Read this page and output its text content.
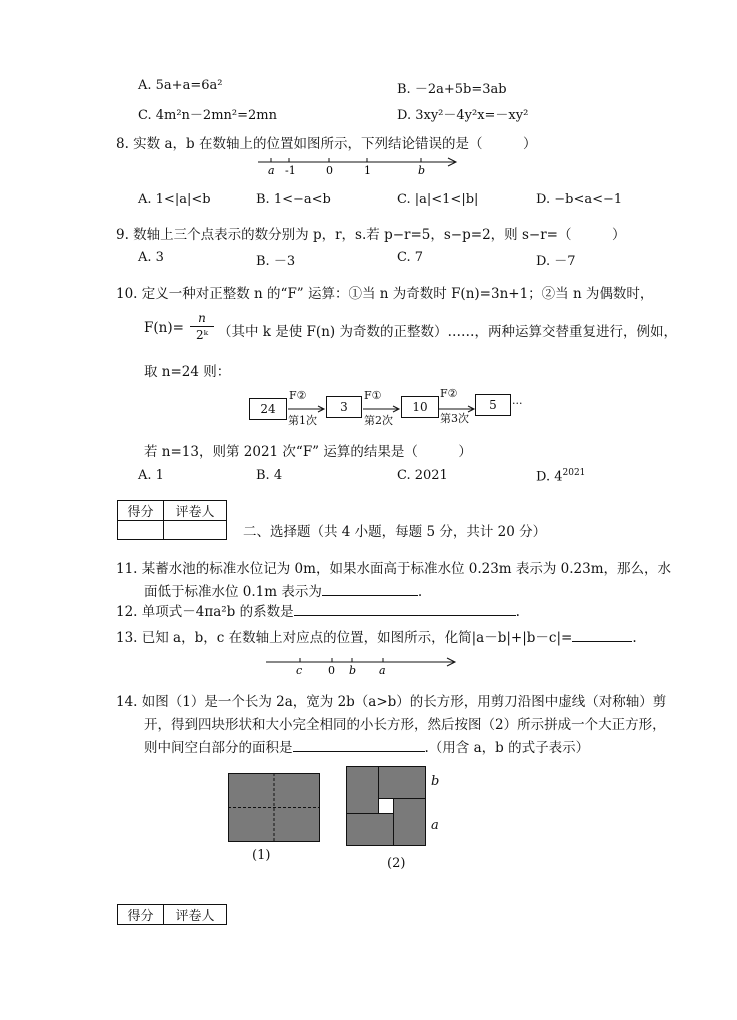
A. 5a+a=6a²	B. －2a+5b=3ab
C. 4m²n－2mn²=2mn	D. 3xy²－4y²x=－xy²
8. 实数 a，b 在数轴上的位置如图所示，下列结论错误的是（　　　）
a -1	0	1	b
A. 1<|a|<b	B. 1<−a<b	C. |a|<1<|b|	D. −b<a<−1
9. 数轴上三个点表示的数分别为 p，r，s.若 p−r=5，s−p=2，则 s−r=（　　　）
A. 3	B. －3	C. 7	D. －7
10. 定义一种对正整数 n 的“F” 运算：①当 n 为奇数时 F(n)=3n+1；②当 n 为偶数时，
F(n)=
n
2ᵏ （其中 k 是使 F(n) 为奇数的正整数）……，两种运算交替重复进行，例如，
取 n=24 则：
24	3	10	5
F②	F①	F②
第1次	第2次	第3次
···
若 n=13，则第 2021 次“F” 运算的结果是（　　　）
A. 1	B. 4	C. 2021	D. $4^{2021}$
得分	评卷人

二、选择题（共 4 小题，每题 5 分，共计 20 分）
11. 某蓄水池的标准水位记为 0m，如果水面高于标准水位 0.23m 表示为 0.23m，那么，水
面低于标准水位 0.1m 表示为	.
12. 单项式－4πa²b 的系数是	.
13. 已知 a，b，c 在数轴上对应点的位置，如图所示，化简|a－b|+|b－c|=	.
c 0 b a
14. 如图（1）是一个长为 2a，宽为 2b（a>b）的长方形，用剪刀沿图中虚线（对称轴）剪
开，得到四块形状和大小完全相同的小长方形，然后按图（2）所示拼成一个大正方形，
则中间空白部分的面积是	.（用含 a，b 的式子表示）
(1)
b
a
(2)
得分	评卷人
